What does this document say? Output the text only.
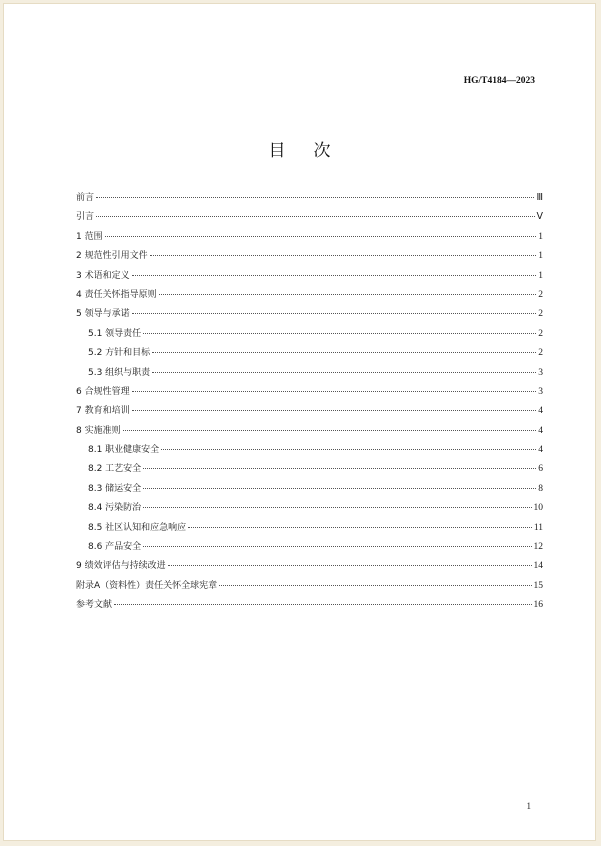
HG/T4184—2023
目次
前言	Ⅲ
引言	Ⅴ
1 范围	1
2 规范性引用文件	1
3 术语和定义	1
4 责任关怀指导原则	2
5 领导与承诺	2
5.1 领导责任	2
5.2 方针和目标	2
5.3 组织与职责	3
6 合规性管理	3
7 教育和培训	4
8 实施准则	4
8.1 职业健康安全	4
8.2 工艺安全	6
8.3 储运安全	8
8.4 污染防治	10
8.5 社区认知和应急响应	11
8.6 产品安全	12
9 绩效评估与持续改进	14
附录A（资料性）责任关怀全球宪章	15
参考文献	16
1
